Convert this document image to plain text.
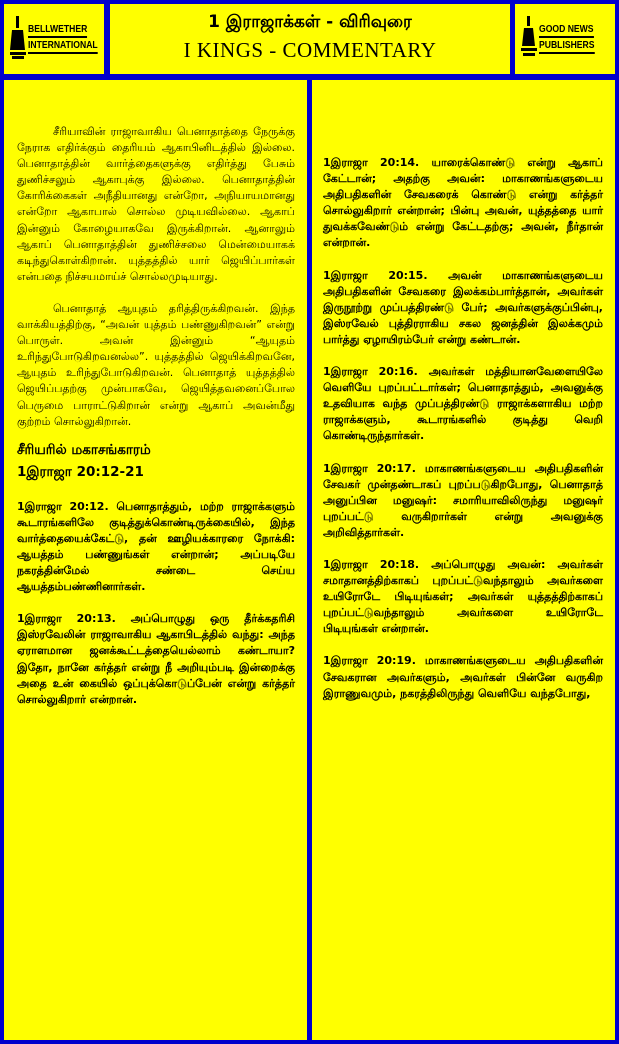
BELLWETHER
INTERNATIONAL
1 இராஜாக்கள் - விரிவுரை
I KINGS - COMMENTARY
GOOD NEWS
PUBLISHERS

சீரியாவின் ராஜாவாகிய பெனாதாத்தை நேருக்கு நேராக எதிர்க்கும் தைரியம் ஆகாபினிடத்தில் இல்லை. பெனாதாத்தின் வார்த்தைகளுக்கு எதிர்த்து பேசும் துணிச்சலும் ஆகாபுக்கு இல்லை. பெனாதாத்தின் கோரிக்கைகள் அநீதியானது என்றோ, அநியாயமானது என்றோ ஆகாபால் சொல்ல முடியவில்லை. ஆகாப் இன்னும் கோழையாகவே இருக்கிறான். ஆனாலும் ஆகாப் பெனாதாத்தின் துணிச்சலை மென்மையாகக் கடிந்துகொள்கிறான். யுத்தத்தில் யார் ஜெயிப்பார்கள் என்பதை நிச்சயமாய்ச் சொல்லமுடியாது.

பெனாதாத் ஆயுதம் தரித்திருக்கிறவன். இந்த வாக்கியத்திற்கு, “அவன் யுத்தம் பண்ணுகிறவன்” என்று பொருள். அவன் இன்னும் “ஆயுதம் உரிந்துபோடுகிறவனல்ல”. யுத்தத்தில் ஜெயிக்கிறவனே, ஆயுதம் உரிந்துபோடுகிறவன். பெனாதாத் யுத்தத்தில் ஜெயிப்பதற்கு முன்பாகவே, ஜெயித்தவனைப்போல பெருமை பாராட்டுகிறான் என்று ஆகாப் அவன்மீது குற்றம் சொல்லுகிறான்.

சீரியரில் மகாசங்காரம்

1இராஜா 20:12-21

1இராஜா 20:12. பெனாதாத்தும், மற்ற ராஜாக்களும் கூடாரங்களிலே குடித்துக்கொண்டிருக்கையில், இந்த வார்த்தையைக்கேட்டு, தன் ஊழியக்காரரை நோக்கி: ஆயத்தம் பண்ணுங்கள் என்றான்; அப்படியே நகரத்தின்மேல் சண்டை செய்ய ஆயத்தம்பண்ணினார்கள்.

1இராஜா 20:13. அப்பொழுது ஒரு தீர்க்கதரிசி இஸ்ரவேலின் ராஜாவாகிய ஆகாபிடத்தில் வந்து: அந்த ஏராளமான ஜனக்கூட்டத்தையெல்லாம் கண்டாயா? இதோ, நானே கர்த்தர் என்று நீ அறியும்படி இன்றைக்கு அதை உன் கையில் ஒப்புக்கொடுப்பேன் என்று கர்த்தர் சொல்லுகிறார் என்றான்.

1இராஜா 20:14. யாரைக்கொண்டு என்று ஆகாப் கேட்டான்; அதற்கு அவன்: மாகாணங்களுடைய அதிபதிகளின் சேவகரைக் கொண்டு என்று கர்த்தர் சொல்லுகிறார் என்றான்; பின்பு அவன், யுத்தத்தை யார் துவக்கவேண்டும் என்று கேட்டதற்கு; அவன், நீர்தான் என்றான்.

1இராஜா 20:15. அவன் மாகாணங்களுடைய அதிபதிகளின் சேவகரை இலக்கம்பார்த்தான், அவர்கள் இருநூற்று முப்பத்திரண்டு பேர்; அவர்களுக்குப்பின்பு, இஸ்ரவேல் புத்திரராகிய சகல ஜனத்தின் இலக்கமும் பார்த்து ஏழாயிரம்பேர் என்று கண்டான்.

1இராஜா 20:16. அவர்கள் மத்தியானவேளையிலே வெளியே புறப்பட்டார்கள்; பெனாதாத்தும், அவனுக்கு உதவியாக வந்த முப்பத்திரண்டு ராஜாக்களாகிய மற்ற ராஜாக்களும், கூடாரங்களில் குடித்து வெறி கொண்டிருந்தார்கள்.

1இராஜா 20:17. மாகாணங்களுடைய அதிபதிகளின் சேவகர் முன்தண்டாகப் புறப்படுகிறபோது, பெனாதாத் அனுப்பின மனுஷர்: சமாரியாவிலிருந்து மனுஷர் புறப்பட்டு வருகிறார்கள் என்று அவனுக்கு அறிவித்தார்கள்.

1இராஜா 20:18. அப்பொழுது அவன்: அவர்கள் சமாதானத்திற்காகப் புறப்பட்டுவந்தாலும் அவர்களை உயிரோடே பிடியுங்கள்; அவர்கள் யுத்தத்திற்காகப் புறப்பட்டுவந்தாலும் அவர்களை உயிரோடே பிடியுங்கள் என்றான்.

1இராஜா 20:19. மாகாணங்களுடைய அதிபதிகளின் சேவகரான அவர்களும், அவர்கள் பின்னே வருகிற இராணுவமும், நகரத்திலிருந்து வெளியே வந்தபோது,
